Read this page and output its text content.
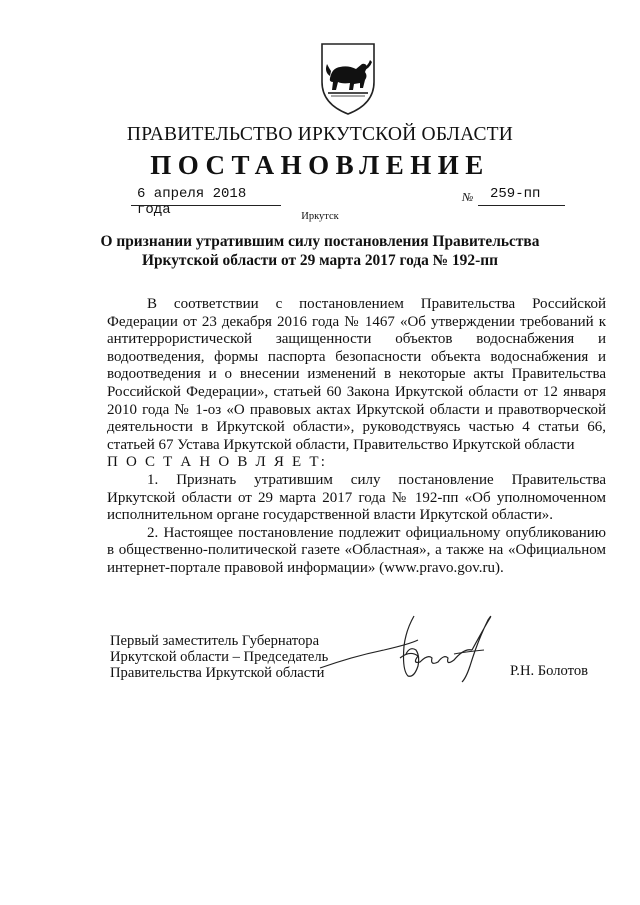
ПРАВИТЕЛЬСТВО ИРКУТСКОЙ ОБЛАСТИ
ПОСТАНОВЛЕНИЕ
6 апреля 2018 года
№ 259-пп
Иркутск
О признании утратившим силу постановления Правительства Иркутской области от 29 марта 2017 года № 192-пп

В соответствии с постановлением Правительства Российской Федерации от 23 декабря 2016 года № 1467 «Об утверждении требований к антитеррористической защищенности объектов водоснабжения и водоотведения, формы паспорта безопасности объекта водоснабжения и водоотведения и о внесении изменений в некоторые акты Правительства Российской Федерации», статьей 60 Закона Иркутской области от 12 января 2010 года № 1-оз «О правовых актах Иркутской области и правотворческой деятельности в Иркутской области», руководствуясь частью 4 статьи 66, статьей 67 Устава Иркутской области, Правительство Иркутской области

П О С Т А Н О В Л Я Е Т:

1. Признать утратившим силу постановление Правительства Иркутской области от 29 марта 2017 года № 192-пп «Об уполномоченном исполнительном органе государственной власти Иркутской области».

2. Настоящее постановление подлежит официальному опубликованию в общественно-политической газете «Областная», а также на «Официальном интернет-портале правовой информации» (www.pravo.gov.ru).

Первый заместитель Губернатора
Иркутской области – Председатель
Правительства Иркутской области	Р.Н. Болотов
